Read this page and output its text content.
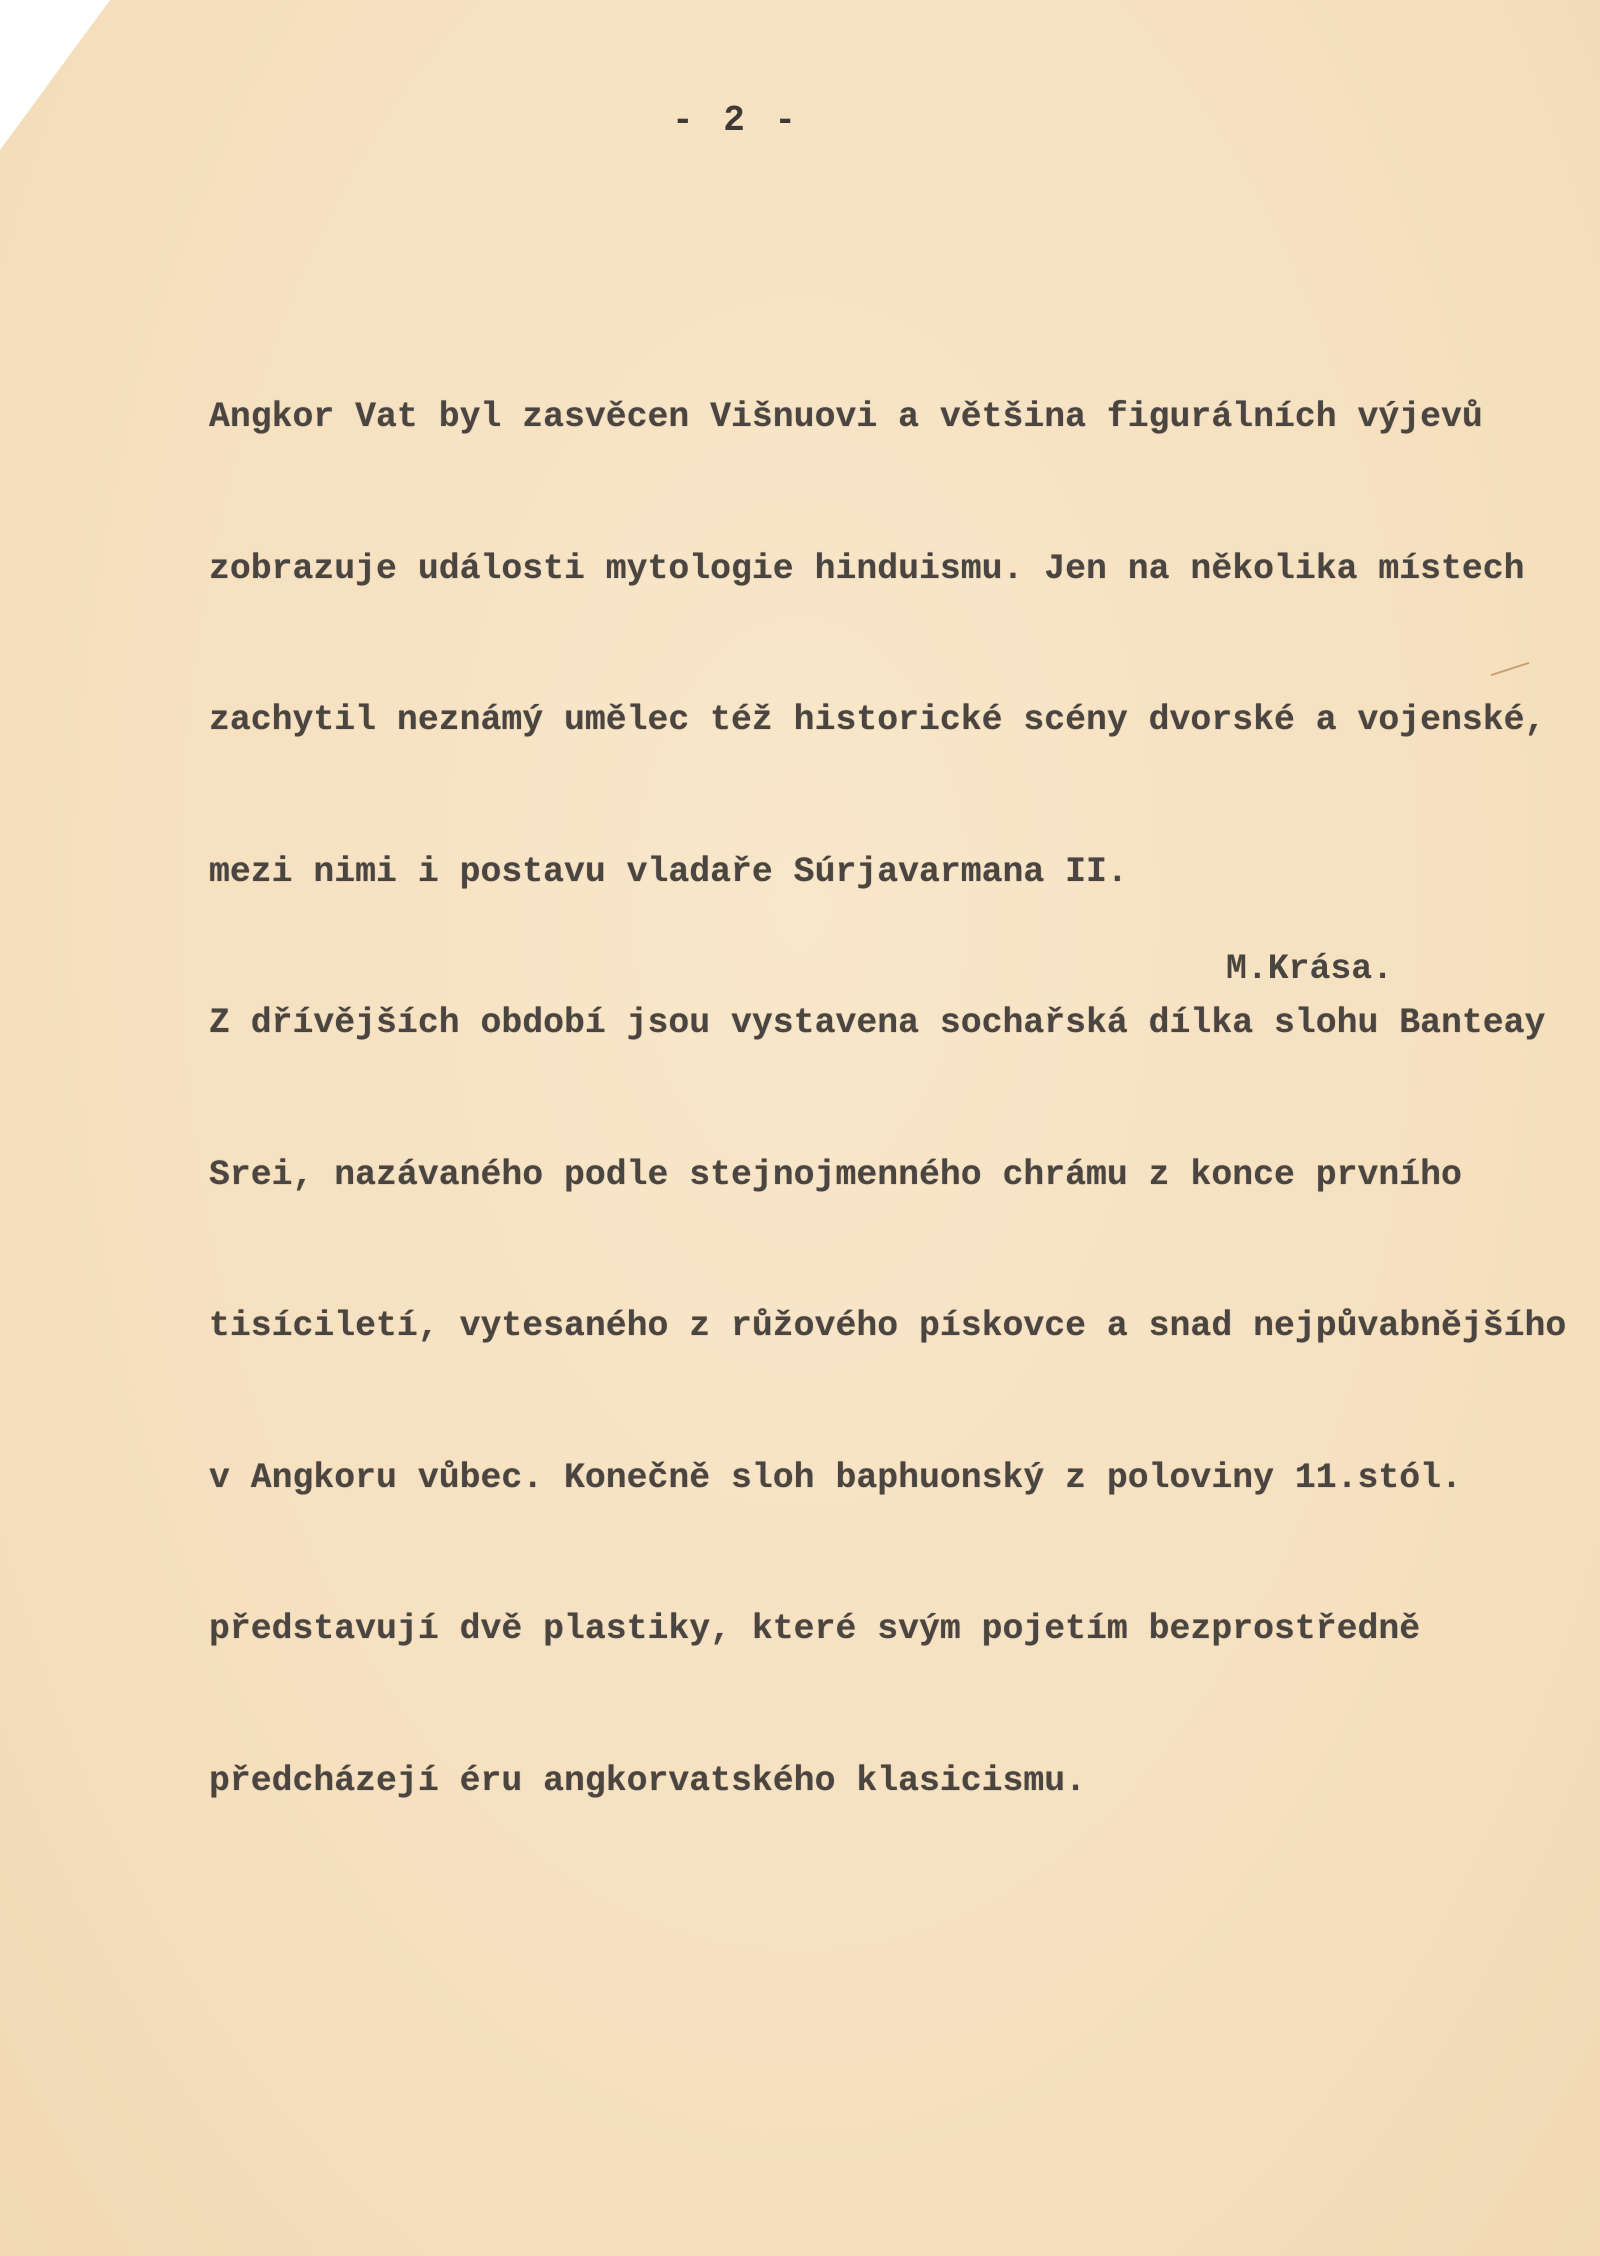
- 2 -

Angkor Vat byl zasvěcen Višnuovi a většina figurálních výjevů

zobrazuje události mytologie hinduismu. Jen na několika místech

zachytil neznámý umělec též historické scény dvorské a vojenské,

mezi nimi i postavu vladaře Súrjavarmana II.

Z dřívějších období jsou vystavena sochařská dílka slohu Banteay

Srei, nazávaného podle stejnojmenného chrámu z konce prvního

tisíciletí, vytesaného z růžového pískovce a snad nejpůvabnějšího

v Angkoru vůbec. Konečně sloh baphuonský z poloviny 11.stól.

představují dvě plastiky, které svým pojetím bezprostředně

předcházejí éru angkorvatského klasicismu.

M.Krása.
